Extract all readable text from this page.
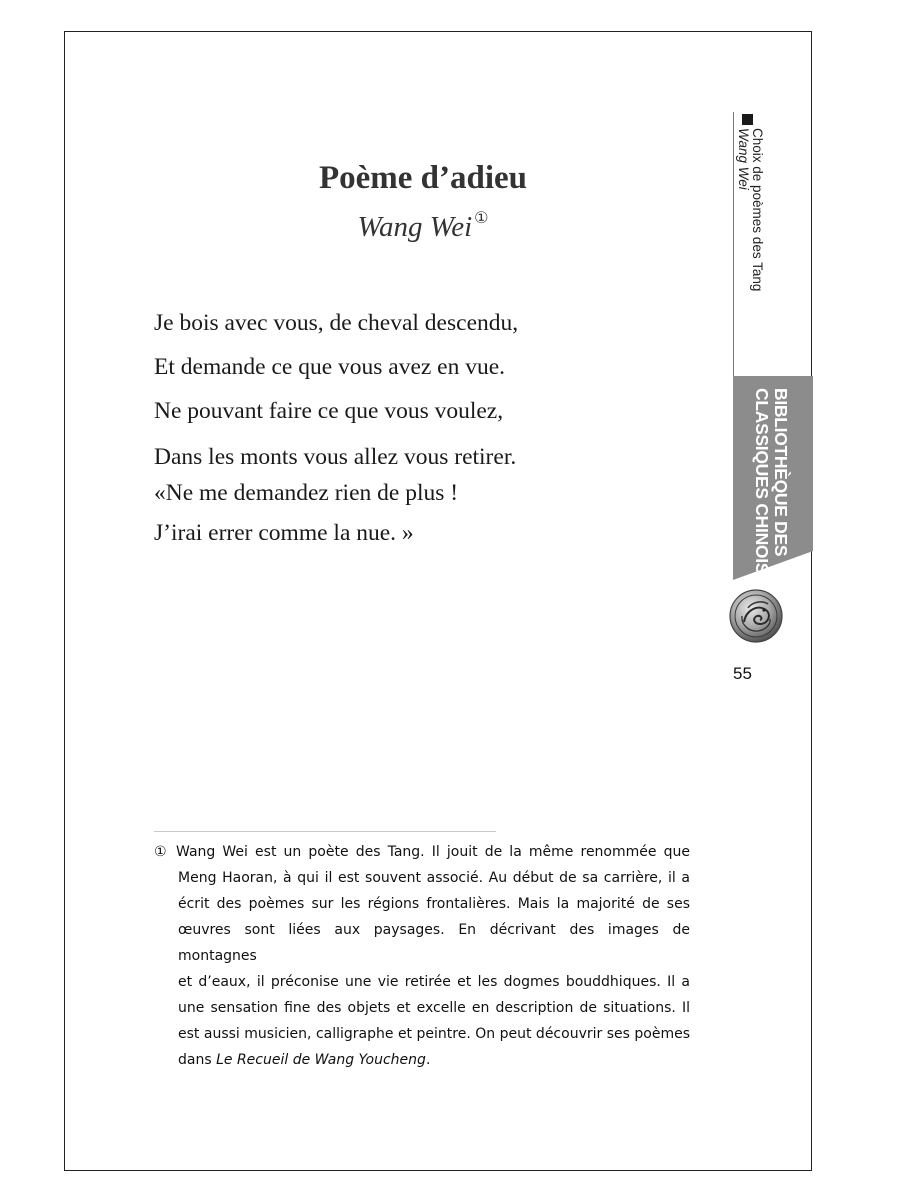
Poème d’adieu
Wang Wei ①
Je bois avec vous, de cheval descendu,
Et demande ce que vous avez en vue.
Ne pouvant faire ce que vous voulez,
Dans les monts vous allez vous retirer.
«Ne me demandez rien de plus !
J’irai errer comme la nue. »
① Wang Wei est un poète des Tang. Il jouit de la même renommée que
Meng Haoran, à qui il est souvent associé. Au début de sa carrière, il a
écrit des poèmes sur les régions frontalières. Mais la majorité de ses
œuvres sont liées aux paysages. En décrivant des images de montagnes
et d’eaux, il préconise une vie retirée et les dogmes bouddhiques. Il a
une sensation fine des objets et excelle en description de situations. Il
est aussi musicien, calligraphe et peintre. On peut découvrir ses poèmes
dans Le Recueil de Wang Youcheng.
Choix de poèmes des Tang
Wang Wei
BIBLIOTHÈQUE DES
CLASSIQUES CHINOIS
55
